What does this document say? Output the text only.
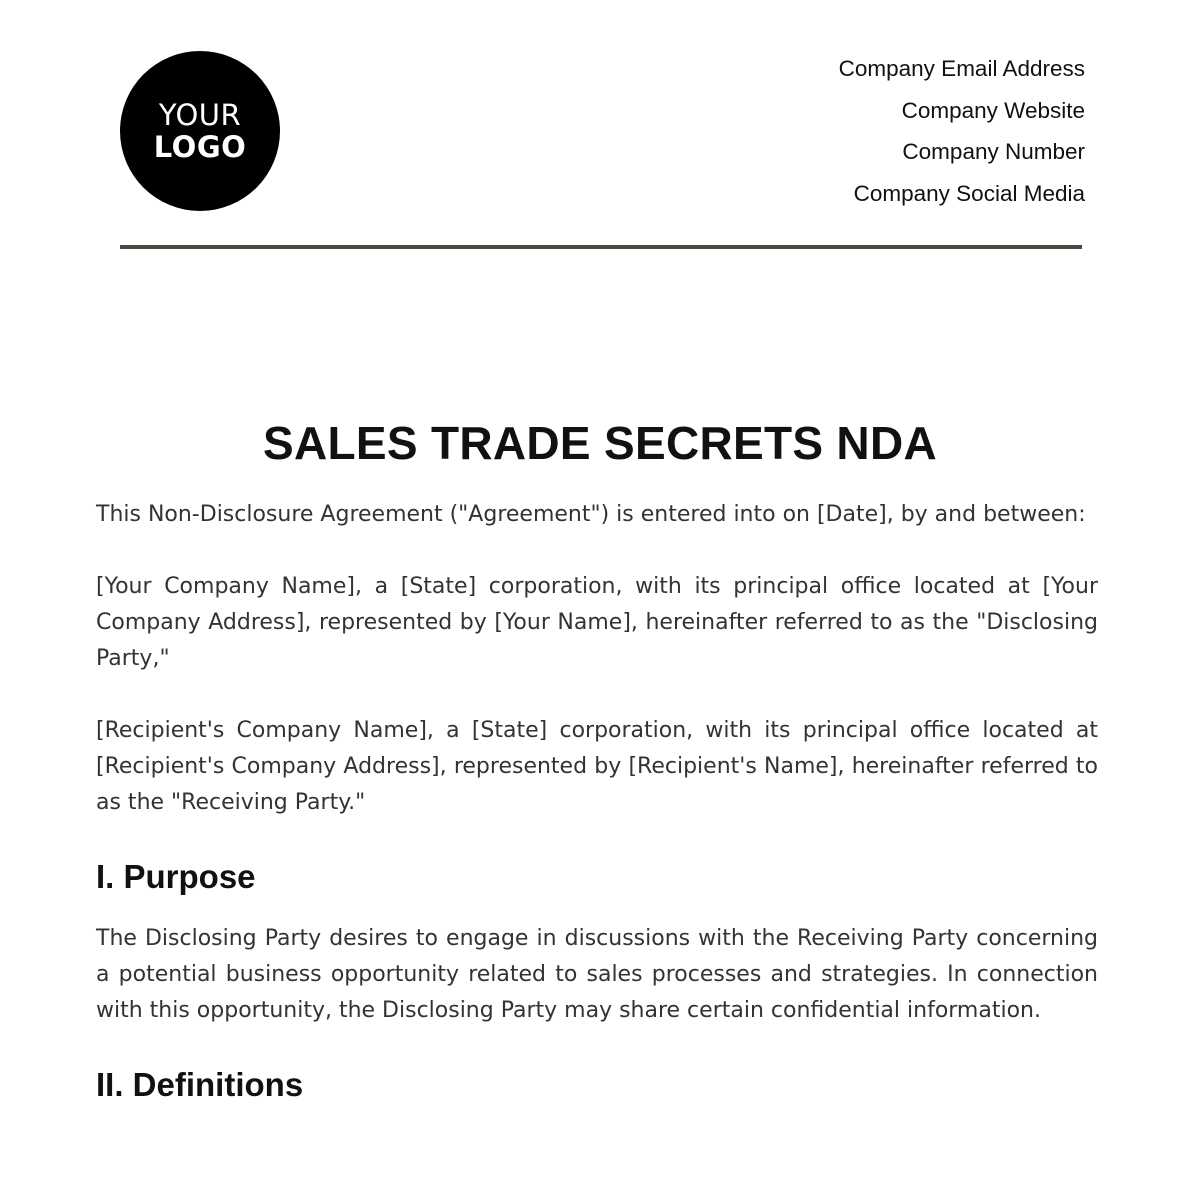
YOUR
LOGO
Company Email Address
Company Website
Company Number
Company Social Media
SALES TRADE SECRETS NDA

This Non-Disclosure Agreement ("Agreement") is entered into on [Date], by and between:

[Your Company Name], a [State] corporation, with its principal office located at [Your Company Address], represented by [Your Name], hereinafter referred to as the "Disclosing Party,"

[Recipient's Company Name], a [State] corporation, with its principal office located at [Recipient's Company Address], represented by [Recipient's Name], hereinafter referred to as the "Receiving Party."

I. Purpose

The Disclosing Party desires to engage in discussions with the Receiving Party concerning a potential business opportunity related to sales processes and strategies. In connection with this opportunity, the Disclosing Party may share certain confidential information.

II. Definitions
